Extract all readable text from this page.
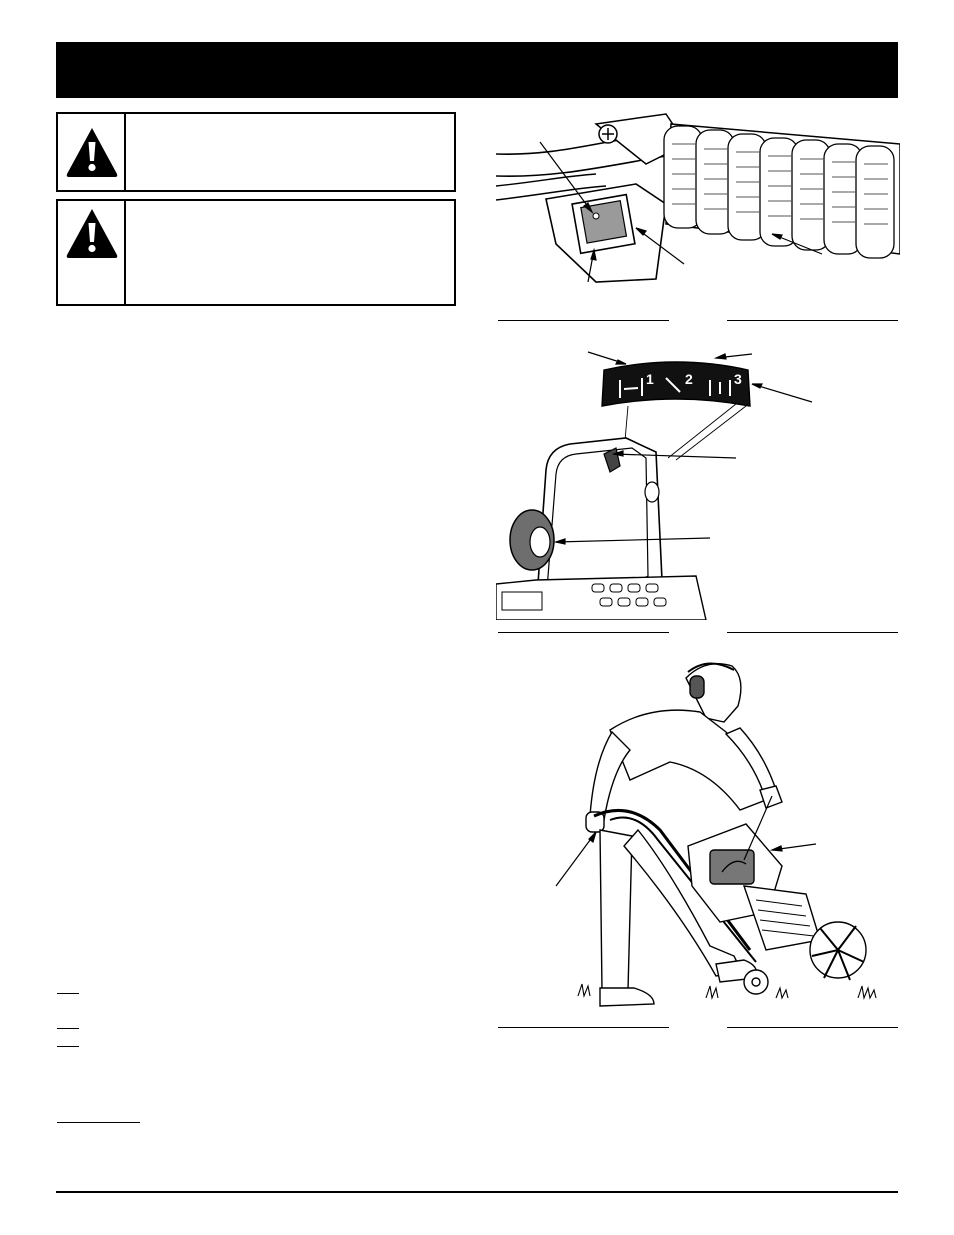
1 2	3
